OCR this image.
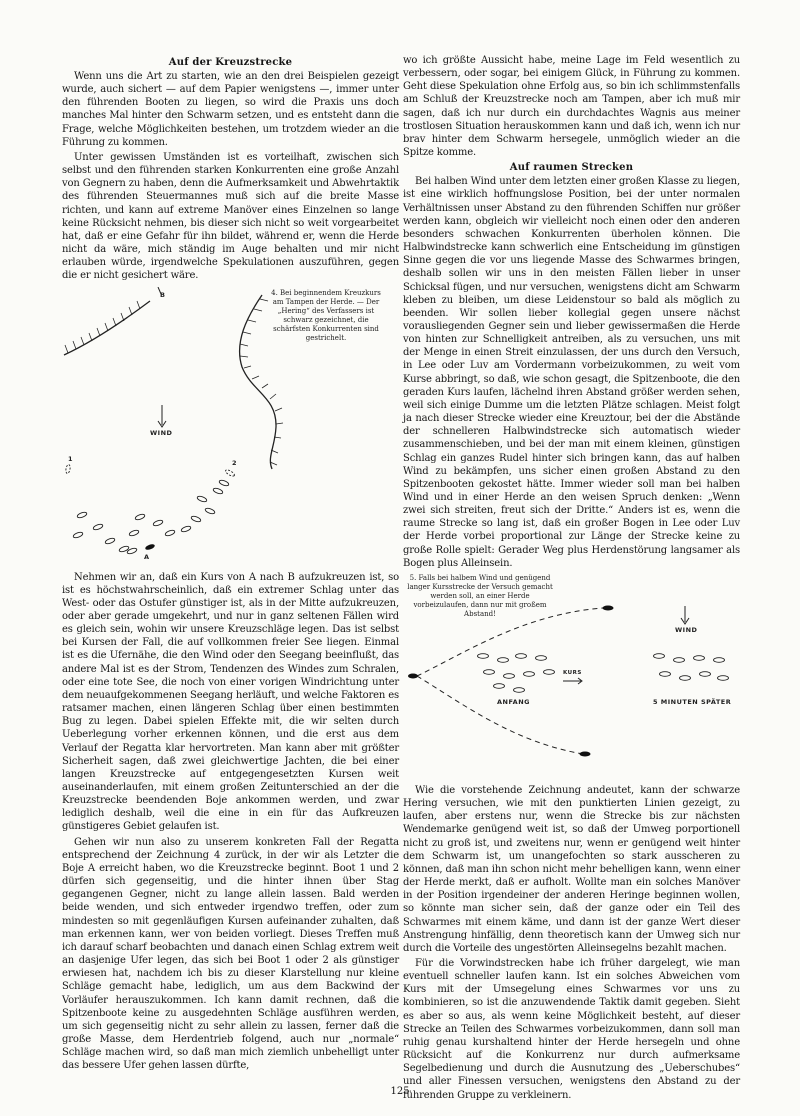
Auf der Kreuzstrecke

Wenn uns die Art zu starten, wie an den drei Beispielen gezeigt wurde, auch sichert — auf dem Papier wenigstens —, immer unter den führenden Booten zu liegen, so wird die Praxis uns doch manches Mal hinter den Schwarm setzen, und es entsteht dann die Frage, welche Möglichkeiten bestehen, um trotzdem wieder an die Führung zu kommen.

Unter gewissen Umständen ist es vorteilhaft, zwischen sich selbst und den führenden starken Konkurrenten eine große Anzahl von Gegnern zu haben, denn die Aufmerksamkeit und Abwehrtaktik des führenden Steuermannes muß sich auf die breite Masse richten, und kann auf extreme Manöver eines Einzelnen so lange keine Rücksicht nehmen, bis dieser sich nicht so weit vorgearbeitet hat, daß er eine Gefahr für ihn bildet, während er, wenn die Herde nicht da wäre, mich ständig im Auge behalten und mir nicht erlauben würde, irgendwelche Spekulationen auszuführen, gegen die er nicht gesichert wäre.

B
WIND
1	2
A
4. Bei beginnendem Kreuzkurs am Tampen der Herde. — Der „Hering“ des Verfassers ist schwarz gezeichnet, die schärfsten Konkurrenten sind gestrichelt.

Nehmen wir an, daß ein Kurs von A nach B aufzukreuzen ist, so ist es höchstwahrscheinlich, daß ein extremer Schlag unter das West- oder das Ostufer günstiger ist, als in der Mitte aufzukreuzen, oder aber gerade umgekehrt, und nur in ganz seltenen Fällen wird es gleich sein, wohin wir unsere Kreuzschläge legen. Das ist selbst bei Kursen der Fall, die auf vollkommen freier See liegen. Einmal ist es die Ufernähe, die den Wind oder den Seegang beeinflußt, das andere Mal ist es der Strom, Tendenzen des Windes zum Schralen, oder eine tote See, die noch von einer vorigen Windrichtung unter dem neuaufgekommenen Seegang herläuft, und welche Faktoren es ratsamer machen, einen längeren Schlag über einen bestimmten Bug zu legen. Dabei spielen Effekte mit, die wir selten durch Ueberlegung vorher erkennen können, und die erst aus dem Verlauf der Regatta klar hervortreten. Man kann aber mit größter Sicherheit sagen, daß zwei gleichwertige Jachten, die bei einer langen Kreuzstrecke auf entgegengesetzten Kursen weit auseinanderlaufen, mit einem großen Zeitunterschied an der die Kreuzstrecke beendenden Boje ankommen werden, und zwar lediglich deshalb, weil die eine in ein für das Aufkreuzen günstigeres Gebiet gelaufen ist.

Gehen wir nun also zu unserem konkreten Fall der Regatta entsprechend der Zeichnung 4 zurück, in der wir als Letzter die Boje A erreicht haben, wo die Kreuzstrecke beginnt. Boot 1 und 2 dürfen sich gegenseitig, und die hinter ihnen über Stag gegangenen Gegner, nicht zu lange allein lassen. Bald werden beide wenden, und sich entweder irgendwo treffen, oder zum mindesten so mit gegenläufigen Kursen aufeinander zuhalten, daß man erkennen kann, wer von beiden vorliegt. Dieses Treffen muß ich darauf scharf beobachten und danach einen Schlag extrem weit an dasjenige Ufer legen, das sich bei Boot 1 oder 2 als günstiger erwiesen hat, nachdem ich bis zu dieser Klarstellung nur kleine Schläge gemacht habe, lediglich, um aus dem Backwind der Vorläufer herauszukommen. Ich kann damit rechnen, daß die Spitzenboote keine zu ausgedehnten Schläge ausführen werden, um sich gegenseitig nicht zu sehr allein zu lassen, ferner daß die große Masse, dem Herdentrieb folgend, auch nur „normale“ Schläge machen wird, so daß man mich ziemlich unbehelligt unter das bessere Ufer gehen lassen dürfte,

wo ich größte Aussicht habe, meine Lage im Feld wesentlich zu verbessern, oder sogar, bei einigem Glück, in Führung zu kommen. Geht diese Spekulation ohne Erfolg aus, so bin ich schlimmstenfalls am Schluß der Kreuzstrecke noch am Tampen, aber ich muß mir sagen, daß ich nur durch ein durchdachtes Wagnis aus meiner trostlosen Situation herauskommen kann und daß ich, wenn ich nur brav hinter dem Schwarm hersegele, unmöglich wieder an die Spitze komme.

Auf raumen Strecken

Bei halben Wind unter dem letzten einer großen Klasse zu liegen, ist eine wirklich hoffnungslose Position, bei der unter normalen Verhältnissen unser Abstand zu den führenden Schiffen nur größer werden kann, obgleich wir vielleicht noch einen oder den anderen besonders schwachen Konkurrenten überholen können. Die Halbwindstrecke kann schwerlich eine Entscheidung im günstigen Sinne gegen die vor uns liegende Masse des Schwarmes bringen, deshalb sollen wir uns in den meisten Fällen lieber in unser Schicksal fügen, und nur versuchen, wenigstens dicht am Schwarm kleben zu bleiben, um diese Leidenstour so bald als möglich zu beenden. Wir sollen lieber kollegial gegen unsere nächst vorausliegenden Gegner sein und lieber gewissermaßen die Herde von hinten zur Schnelligkeit antreiben, als zu versuchen, uns mit der Menge in einen Streit einzulassen, der uns durch den Versuch, in Lee oder Luv am Vordermann vorbeizukommen, zu weit vom Kurse abbringt, so daß, wie schon gesagt, die Spitzenboote, die den geraden Kurs laufen, lächelnd ihren Abstand größer werden sehen, weil sich einige Dumme um die letzten Plätze schlagen. Meist folgt ja nach dieser Strecke wieder eine Kreuztour, bei der die Abstände der schnelleren Halbwindstrecke sich automatisch wieder zusammenschieben, und bei der man mit einem kleinen, günstigen Schlag ein ganzes Rudel hinter sich bringen kann, das auf halben Wind zu bekämpfen, uns sicher einen großen Abstand zu den Spitzenbooten gekostet hätte. Immer wieder soll man bei halben Wind und in einer Herde an den weisen Spruch denken: „Wenn zwei sich streiten, freut sich der Dritte.“ Anders ist es, wenn die raume Strecke so lang ist, daß ein großer Bogen in Lee oder Luv der Herde vorbei proportional zur Länge der Strecke keine zu große Rolle spielt: Gerader Weg plus Herdenstörung langsamer als Bogen plus Alleinsein.

5. Falls bei halbem Wind und genügend langer Kursstrecke der Versuch gemacht werden soll, an einer Herde vorbeizulaufen, dann nur mit großem Abstand!
WIND
KURS
ANFANG	5 MINUTEN SPÄTER

Wie die vorstehende Zeichnung andeutet, kann der schwarze Hering versuchen, wie mit den punktierten Linien gezeigt, zu laufen, aber erstens nur, wenn die Strecke bis zur nächsten Wendemarke genügend weit ist, so daß der Umweg porportionell nicht zu groß ist, und zweitens nur, wenn er genügend weit hinter dem Schwarm ist, um unangefochten so stark ausscheren zu können, daß man ihn schon nicht mehr behelligen kann, wenn einer der Herde merkt, daß er aufholt. Wollte man ein solches Manöver in der Position irgendeiner der anderen Heringe beginnen wollen, so könnte man sicher sein, daß der ganze oder ein Teil des Schwarmes mit einem käme, und dann ist der ganze Wert dieser Anstrengung hinfällig, denn theoretisch kann der Umweg sich nur durch die Vorteile des ungestörten Alleinsegelns bezahlt machen.

Für die Vorwindstrecken habe ich früher dargelegt, wie man eventuell schneller laufen kann. Ist ein solches Abweichen vom Kurs mit der Umsegelung eines Schwarmes vor uns zu kombinieren, so ist die anzuwendende Taktik damit gegeben. Sieht es aber so aus, als wenn keine Möglichkeit besteht, auf dieser Strecke an Teilen des Schwarmes vorbeizukommen, dann soll man ruhig genau kurshaltend hinter der Herde hersegeln und ohne Rücksicht auf die Konkurrenz nur durch aufmerksame Segelbedienung und durch die Ausnutzung des „Ueberschubes“ und aller Finessen versuchen, wenigstens den Abstand zu der führenden Gruppe zu verkleinern.

125
